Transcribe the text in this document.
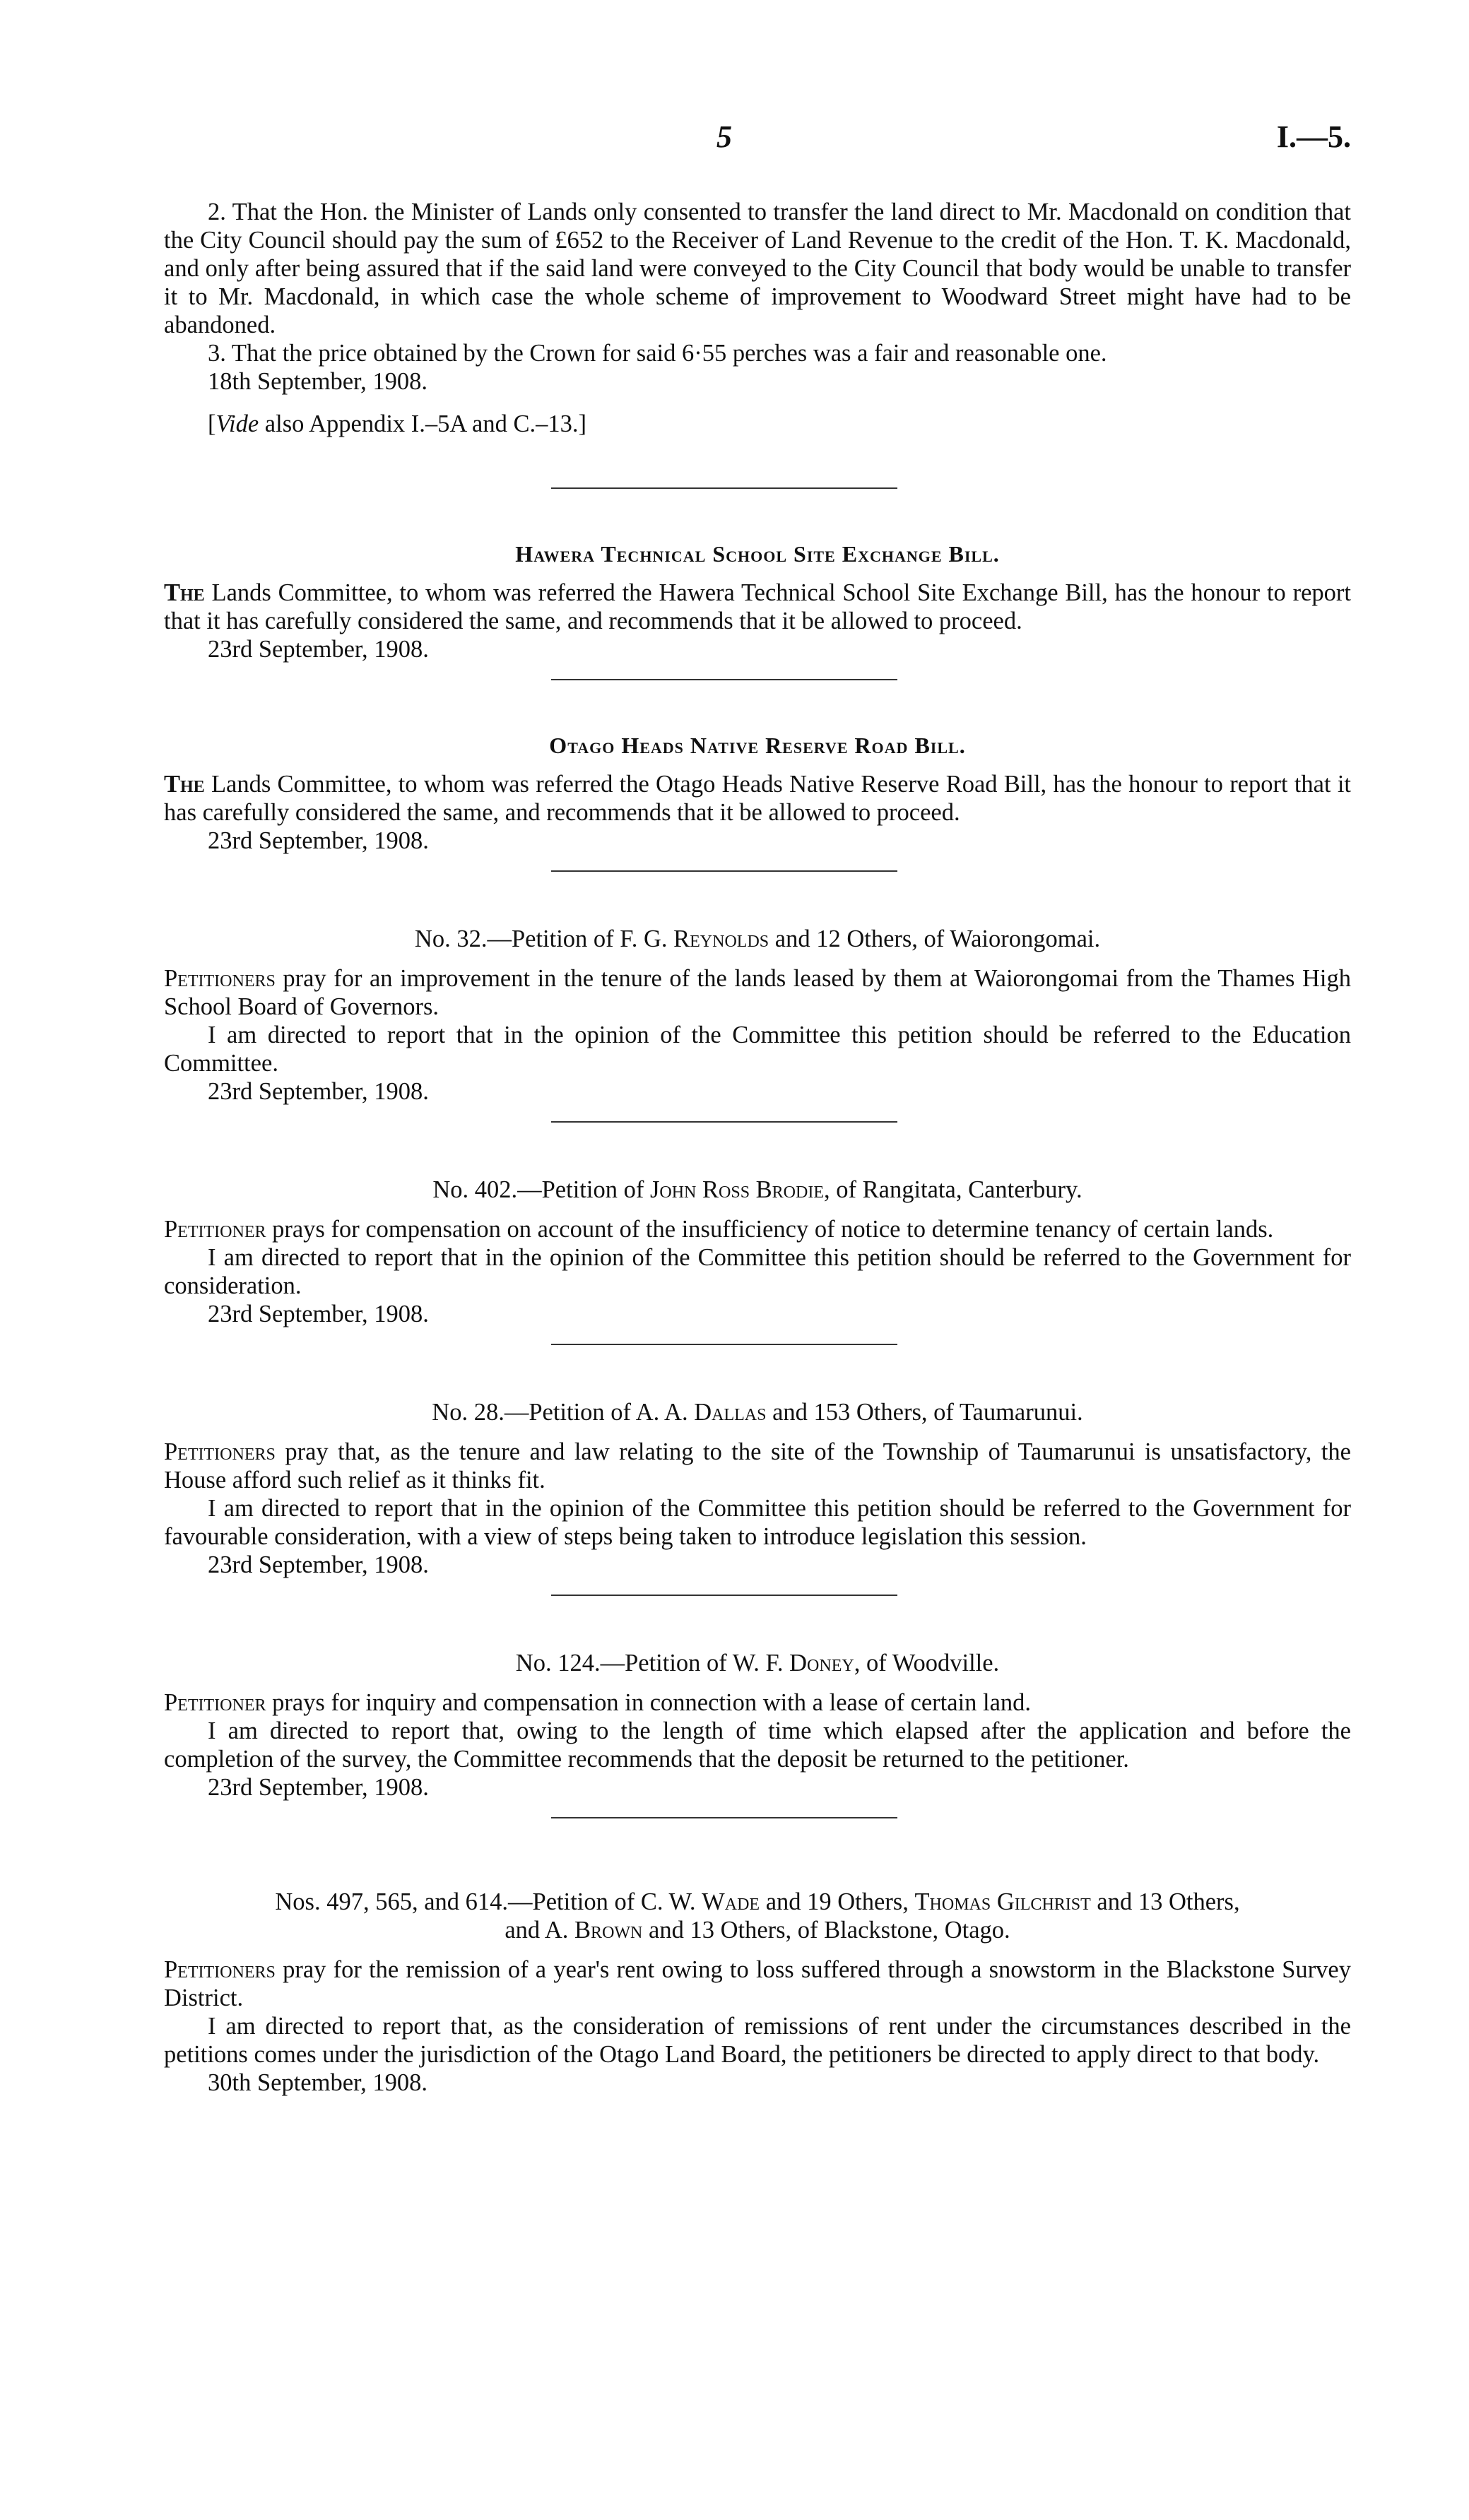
5	I.—5.

2. That the Hon. the Minister of Lands only consented to transfer the land direct to Mr. Macdonald on condition that the City Council should pay the sum of £652 to the Receiver of Land Revenue to the credit of the Hon. T. K. Macdonald, and only after being assured that if the said land were conveyed to the City Council that body would be unable to transfer it to Mr. Macdonald, in which case the whole scheme of improvement to Woodward Street might have had to be abandoned.

3. That the price obtained by the Crown for said 6·55 perches was a fair and reasonable one.

18th September, 1908.

[Vide also Appendix I.–5A and C.–13.]

Hawera Technical School Site Exchange Bill.

The Lands Committee, to whom was referred the Hawera Technical School Site Exchange Bill, has the honour to report that it has carefully considered the same, and recommends that it be allowed to proceed.

23rd September, 1908.

Otago Heads Native Reserve Road Bill.

The Lands Committee, to whom was referred the Otago Heads Native Reserve Road Bill, has the honour to report that it has carefully considered the same, and recommends that it be allowed to proceed.

23rd September, 1908.

No. 32.—Petition of F. G. Reynolds and 12 Others, of Waiorongomai.

Petitioners pray for an improvement in the tenure of the lands leased by them at Waiorongomai from the Thames High School Board of Governors.

I am directed to report that in the opinion of the Committee this petition should be referred to the Education Committee.

23rd September, 1908.

No. 402.—Petition of John Ross Brodie, of Rangitata, Canterbury.

Petitioner prays for compensation on account of the insufficiency of notice to determine tenancy of certain lands.

I am directed to report that in the opinion of the Committee this petition should be referred to the Government for consideration.

23rd September, 1908.

No. 28.—Petition of A. A. Dallas and 153 Others, of Taumarunui.

Petitioners pray that, as the tenure and law relating to the site of the Township of Taumarunui is unsatisfactory, the House afford such relief as it thinks fit.

I am directed to report that in the opinion of the Committee this petition should be referred to the Government for favourable consideration, with a view of steps being taken to introduce legislation this session.

23rd September, 1908.

No. 124.—Petition of W. F. Doney, of Woodville.

Petitioner prays for inquiry and compensation in connection with a lease of certain land.

I am directed to report that, owing to the length of time which elapsed after the application and before the completion of the survey, the Committee recommends that the deposit be returned to the petitioner.

23rd September, 1908.

Nos. 497, 565, and 614.—Petition of C. W. Wade and 19 Others, Thomas Gilchrist and 13 Others,
and A. Brown and 13 Others, of Blackstone, Otago.

Petitioners pray for the remission of a year's rent owing to loss suffered through a snowstorm in the Blackstone Survey District.

I am directed to report that, as the consideration of remissions of rent under the circumstances described in the petitions comes under the jurisdiction of the Otago Land Board, the petitioners be directed to apply direct to that body.

30th September, 1908.
